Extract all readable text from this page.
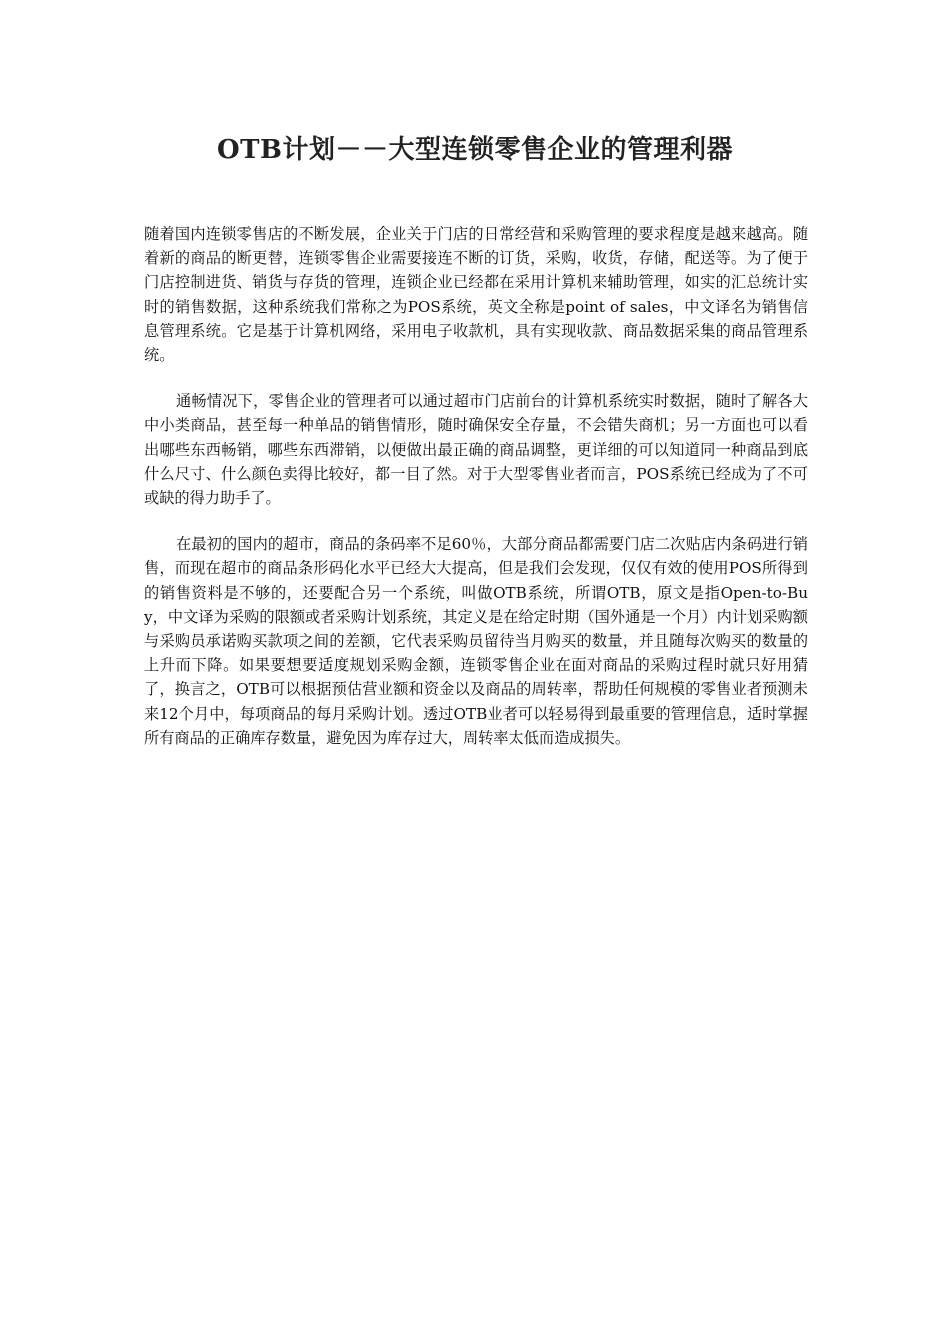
OTB计划－－大型连锁零售企业的管理利器

随着国内连锁零售店的不断发展，企业关于门店的日常经营和采购管理的要求程度是越来越高。随着新的商品的断更替，连锁零售企业需要接连不断的订货，采购，收货，存储，配送等。为了便于门店控制进货、销货与存货的管理，连锁企业已经都在采用计算机来辅助管理，如实的汇总统计实时的销售数据，这种系统我们常称之为POS系统，英文全称是point of sales，中文译名为销售信息管理系统。它是基于计算机网络，采用电子收款机，具有实现收款、商品数据采集的商品管理系统。

通畅情况下，零售企业的管理者可以通过超市门店前台的计算机系统实时数据，随时了解各大中小类商品，甚至每一种单品的销售情形，随时确保安全存量，不会错失商机；另一方面也可以看出哪些东西畅销，哪些东西滞销，以便做出最正确的商品调整，更详细的可以知道同一种商品到底什么尺寸、什么颜色卖得比较好，都一目了然。对于大型零售业者而言，POS系统已经成为了不可或缺的得力助手了。

在最初的国内的超市，商品的条码率不足60％，大部分商品都需要门店二次贴店内条码进行销售，而现在超市的商品条形码化水平已经大大提高，但是我们会发现，仅仅有效的使用POS所得到的销售资料是不够的，还要配合另一个系统，叫做OTB系统，所谓OTB，原文是指Open-to-Buy，中文译为采购的限额或者采购计划系统，其定义是在给定时期（国外通是一个月）内计划采购额与采购员承诺购买款项之间的差额，它代表采购员留待当月购买的数量，并且随每次购买的数量的上升而下降。如果要想要适度规划采购金额，连锁零售企业在面对商品的采购过程时就只好用猜了，换言之，OTB可以根据预估营业额和资金以及商品的周转率，帮助任何规模的零售业者预测未来12个月中，每项商品的每月采购计划。透过OTB业者可以轻易得到最重要的管理信息，适时掌握所有商品的正确库存数量，避免因为库存过大，周转率太低而造成损失。
